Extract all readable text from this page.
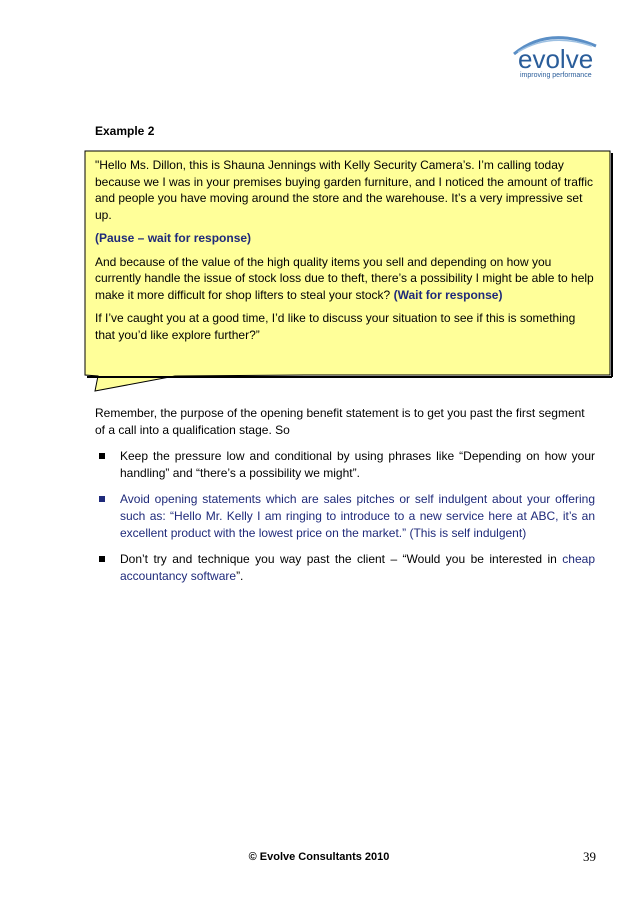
evolve
improving performance
Example 2

"Hello Ms. Dillon, this is Shauna Jennings with Kelly Security Camera’s. I’m calling today because we I was in your premises buying garden furniture, and I noticed the amount of traffic and people you have moving around the store and the warehouse. It’s a very impressive set up.

(Pause – wait for response)

And because of the value of the high quality items you sell and depending on how you currently handle the issue of stock loss due to theft, there’s a possibility I might be able to help make it more difficult for shop lifters to steal your stock? (Wait for response)

If I’ve caught you at a good time, I’d like to discuss your situation to see if this is something that you’d like explore further?”

Remember, the purpose of the opening benefit statement is to get you past the first segment of a call into a qualification stage. So

Keep the pressure low and conditional by using phrases like “Depending on how your handling” and “there’s a possibility we might”.
Avoid opening statements which are sales pitches or self indulgent about your offering such as: “Hello Mr. Kelly I am ringing to introduce to a new service here at ABC, it’s an excellent product with the lowest price on the market.” (This is self indulgent)
Don’t try and technique you way past the client – “Would you be interested in cheap accountancy software”.
© Evolve Consultants 2010	39
